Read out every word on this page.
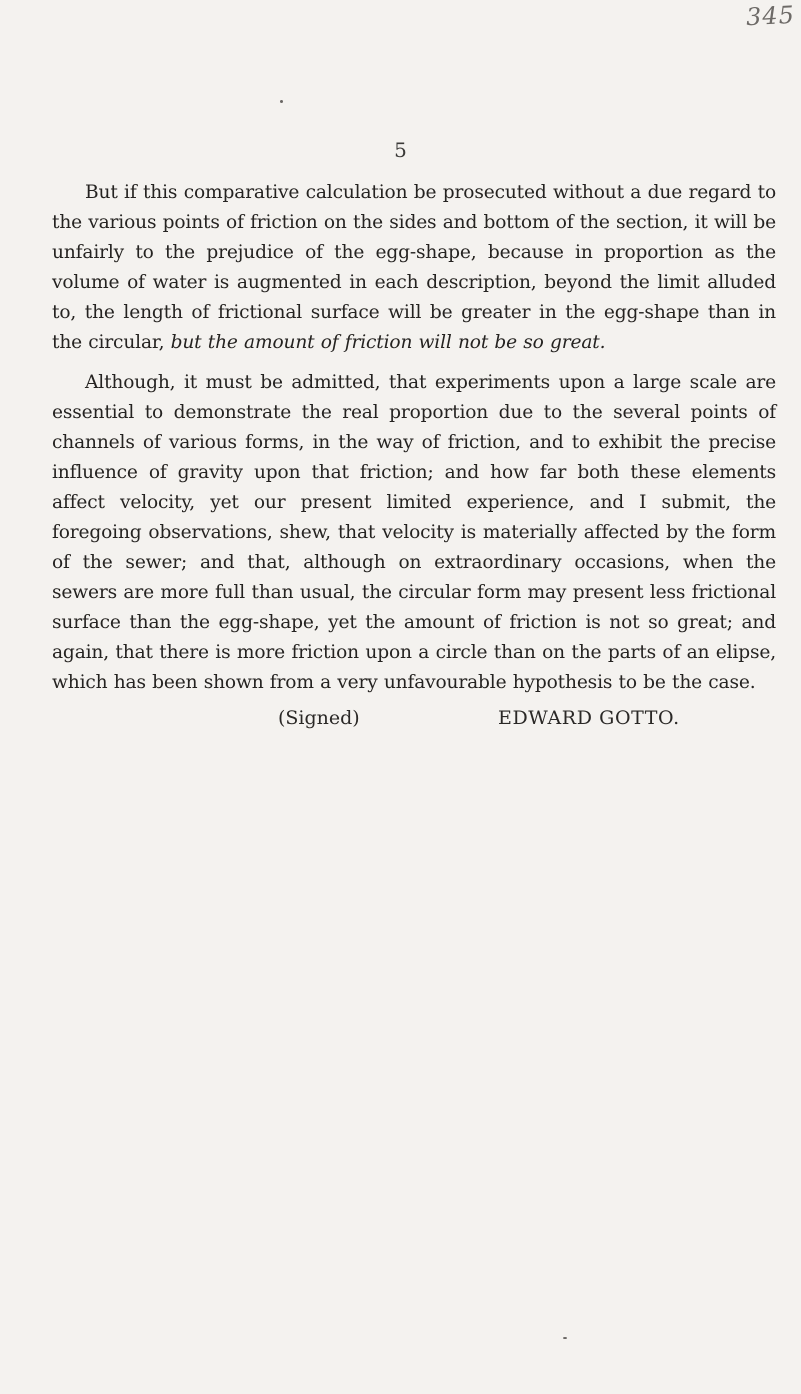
345
5

But if this comparative calculation be prosecuted without a due regard to the various points of friction on the sides and bottom of the section, it will be unfairly to the prejudice of the egg-shape, because in proportion as the volume of water is augmented in each description, beyond the limit alluded to, the length of frictional surface will be greater in the egg-shape than in the circular, but the amount of friction will not be so great.

Although, it must be admitted, that experiments upon a large scale are essential to demonstrate the real proportion due to the several points of channels of various forms, in the way of friction, and to exhibit the precise influence of gravity upon that friction; and how far both these elements affect velocity, yet our present limited experience, and I submit, the foregoing observations, shew, that velocity is materially affected by the form of the sewer; and that, although on extraordinary occasions, when the sewers are more full than usual, the circular form may present less frictional surface than the egg-shape, yet the amount of friction is not so great; and again, that there is more friction upon a circle than on the parts of an elipse, which has been shown from a very unfavourable hypothesis to be the case.

(Signed)	EDWARD GOTTO.
